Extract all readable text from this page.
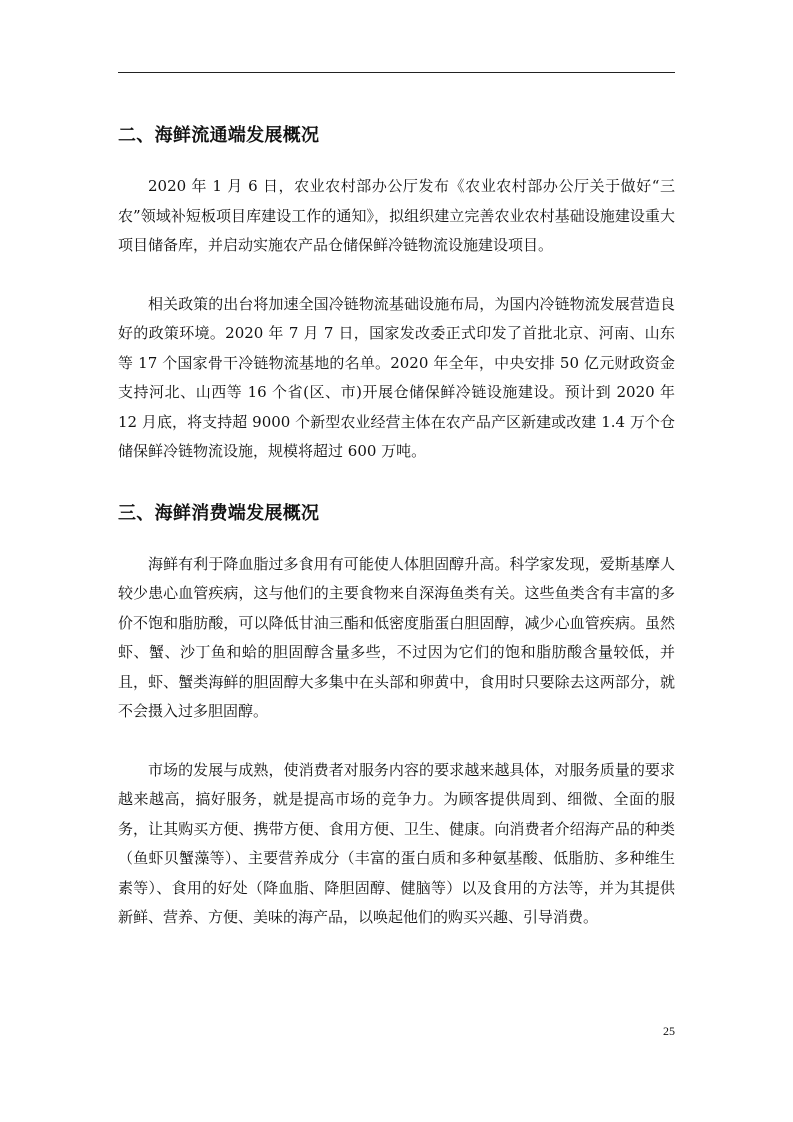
二、海鲜流通端发展概况

2020 年 1 月 6 日，农业农村部办公厅发布《农业农村部办公厅关于做好“三农”领域补短板项目库建设工作的通知》，拟组织建立完善农业农村基础设施建设重大项目储备库，并启动实施农产品仓储保鲜冷链物流设施建设项目。

相关政策的出台将加速全国冷链物流基础设施布局，为国内冷链物流发展营造良好的政策环境。2020 年 7 月 7 日，国家发改委正式印发了首批北京、河南、山东等 17 个国家骨干冷链物流基地的名单。2020 年全年，中央安排 50 亿元财政资金支持河北、山西等 16 个省(区、市)开展仓储保鲜冷链设施建设。预计到 2020 年 12 月底，将支持超 9000 个新型农业经营主体在农产品产区新建或改建 1.4 万个仓储保鲜冷链物流设施，规模将超过 600 万吨。

三、海鲜消费端发展概况

海鲜有利于降血脂过多食用有可能使人体胆固醇升高。科学家发现，爱斯基摩人较少患心血管疾病，这与他们的主要食物来自深海鱼类有关。这些鱼类含有丰富的多价不饱和脂肪酸，可以降低甘油三酯和低密度脂蛋白胆固醇，减少心血管疾病。虽然虾、蟹、沙丁鱼和蛤的胆固醇含量多些，不过因为它们的饱和脂肪酸含量较低，并且，虾、蟹类海鲜的胆固醇大多集中在头部和卵黄中，食用时只要除去这两部分，就不会摄入过多胆固醇。

市场的发展与成熟，使消费者对服务内容的要求越来越具体，对服务质量的要求越来越高，搞好服务，就是提高市场的竞争力。为顾客提供周到、细微、全面的服务，让其购买方便、携带方便、食用方便、卫生、健康。向消费者介绍海产品的种类（鱼虾贝蟹藻等）、主要营养成分（丰富的蛋白质和多种氨基酸、低脂肪、多种维生素等）、食用的好处（降血脂、降胆固醇、健脑等）以及食用的方法等，并为其提供新鲜、营养、方便、美味的海产品，以唤起他们的购买兴趣、引导消费。

25
